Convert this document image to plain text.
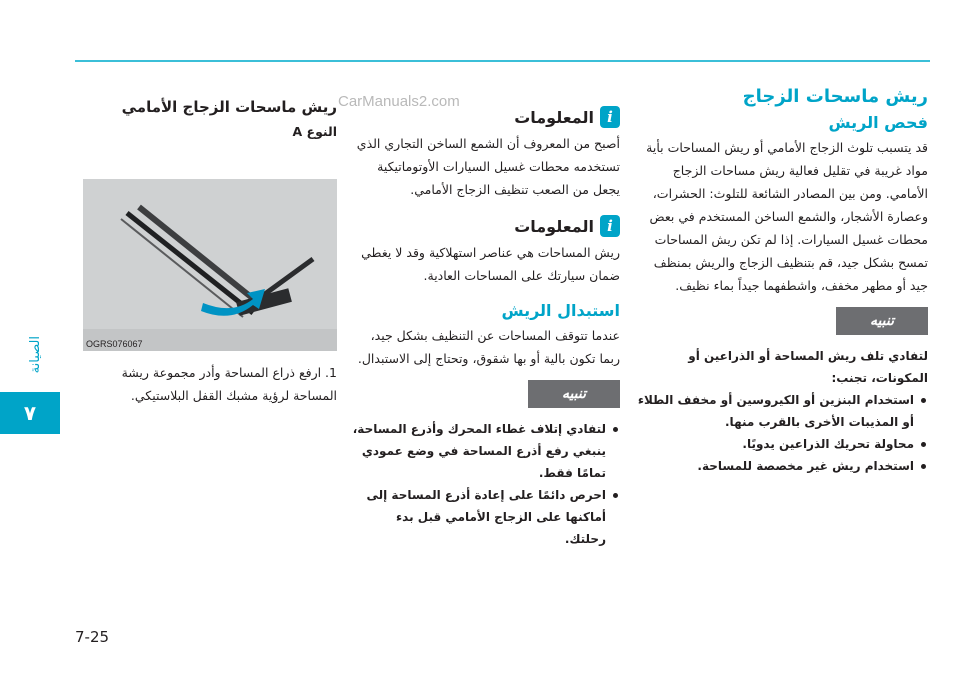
CarManuals2.com
الصيانة
٧
7-25
ريش ماسحات الزجاج
فحص الريش

قد يتسبب تلوث الزجاج الأمامي أو ريش المساحات بأية مواد غريبة في تقليل فعالية ريش مساحات الزجاج الأمامي. ومن بين المصادر الشائعة للتلوث: الحشرات، وعصارة الأشجار، والشمع الساخن المستخدم في بعض محطات غسيل السيارات. إذا لم تكن ريش المساحات تمسح بشكل جيد، قم بتنظيف الزجاج والريش بمنظف جيد أو مطهر مخفف، واشطفهما جيداً بماء نظيف.

تنبيه
لتفادي تلف ريش المساحة أو الذراعين أو المكونات، تجنب:
استخدام البنزين أو الكيروسين أو مخفف الطلاء أو المذيبات الأخرى بالقرب منها.
محاولة تحريك الذراعين يدويًا.
استخدام ريش غير مخصصة للمساحة.
i
المعلومات

أصبح من المعروف أن الشمع الساخن التجاري الذي تستخدمه محطات غسيل السيارات الأوتوماتيكية يجعل من الصعب تنظيف الزجاج الأمامي.

i
المعلومات

ريش المساحات هي عناصر استهلاكية وقد لا يغطي ضمان سيارتك على المساحات العادية.

استبدال الريش

عندما تتوقف المساحات عن التنظيف بشكل جيد، ربما تكون بالية أو بها شقوق، وتحتاج إلى الاستبدال.

تنبيه
لتفادي إتلاف غطاء المحرك وأذرع المساحة، ينبغي رفع أذرع المساحة في وضع عمودي تمامًا فقط.
احرص دائمًا على إعادة أذرع المساحة إلى أماكنها على الزجاج الأمامي قبل بدء رحلتك.
ريش ماسحات الزجاج الأمامي
النوع A
OGRS076067

1. ارفع ذراع المساحة وأدر مجموعة ريشة المساحة لرؤية مشبك القفل البلاستيكي.
